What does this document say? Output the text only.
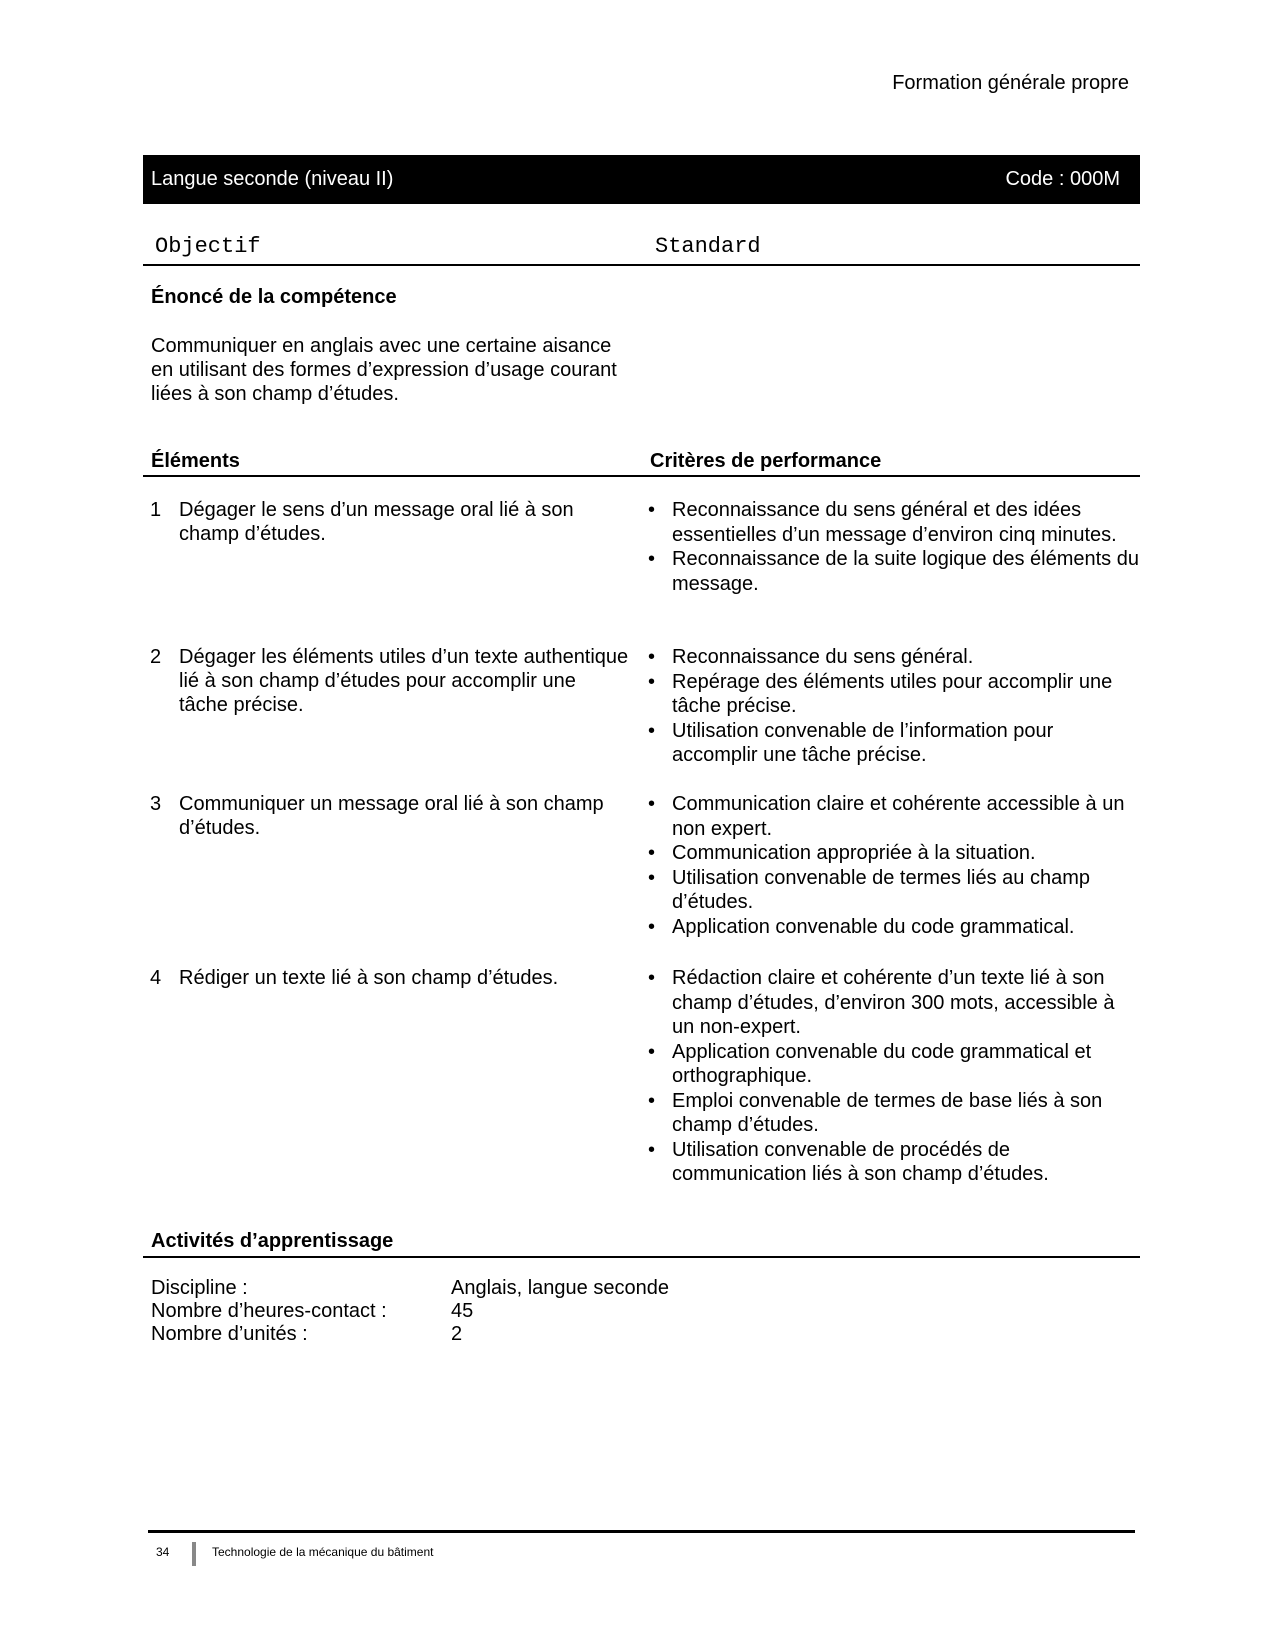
Formation générale propre
Langue seconde (niveau II)	Code : 000M
Objectif	Standard
Énoncé de la compétence
Communiquer en anglais avec une certaine aisance
en utilisant des formes d’expression d’usage courant
liées à son champ d’études.
Éléments	Critères de performance
1 Dégager le sens d’un message oral lié à son champ d’études.
• Reconnaissance du sens général et des idées essentielles d’un message d’environ cinq minutes.
• Reconnaissance de la suite logique des éléments du message.
2 Dégager les éléments utiles d’un texte authentique lié à son champ d’études pour accomplir une tâche précise.
• Reconnaissance du sens général.
• Repérage des éléments utiles pour accomplir une tâche précise.
• Utilisation convenable de l’information pour accomplir une tâche précise.
3 Communiquer un message oral lié à son champ d’études.
• Communication claire et cohérente accessible à un non expert.
• Communication appropriée à la situation.
• Utilisation convenable de termes liés au champ d’études.
• Application convenable du code grammatical.
4 Rédiger un texte lié à son champ d’études.
•	Rédaction claire et cohérente d’un texte lié à son champ d’études, d’environ 300 mots, accessible à un non-expert.
• Application convenable du code grammatical et orthographique.
• Emploi convenable de termes de base liés à son champ d’études.
• Utilisation convenable de procédés de communication liés à son champ d’études.
Activités d’apprentissage
Discipline :	Anglais, langue seconde
Nombre d’heures-contact :	45
Nombre d’unités :	2
34	Technologie de la mécanique du bâtiment
